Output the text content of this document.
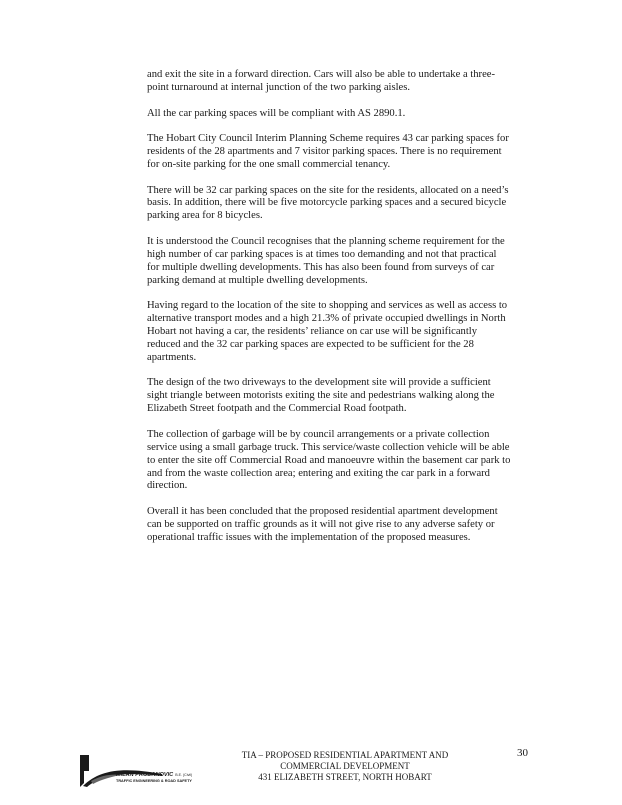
and exit the site in a forward direction. Cars will also be able to undertake a three-point turnaround at internal junction of the two parking aisles.

All the car parking spaces will be compliant with AS 2890.1.

The Hobart City Council Interim Planning Scheme requires 43 car parking spaces for residents of the 28 apartments and 7 visitor parking spaces. There is no requirement for on-site parking for the one small commercial tenancy.

There will be 32 car parking spaces on the site for the residents, allocated on a need’s basis. In addition, there will be five motorcycle parking spaces and a secured bicycle parking area for 8 bicycles.

It is understood the Council recognises that the planning scheme requirement for the high number of car parking spaces is at times too demanding and not that practical for multiple dwelling developments. This has also been found from surveys of car parking demand at multiple dwelling developments.

Having regard to the location of the site to shopping and services as well as access to alternative transport modes and a high 21.3% of private occupied dwellings in North Hobart not having a car, the residents’ reliance on car use will be significantly reduced and the 32 car parking spaces are expected to be sufficient for the 28 apartments.

The design of the two driveways to the development site will provide a sufficient sight triangle between motorists exiting the site and pedestrians walking along the Elizabeth Street footpath and the Commercial Road footpath.

The collection of garbage will be by council arrangements or a private collection service using a small garbage truck. This service/waste collection vehicle will be able to enter the site off Commercial Road and manoeuvre within the basement car park to and from the waste collection area; entering and exiting the car park in a forward direction.

Overall it has been concluded that the proposed residential apartment development can be supported on traffic grounds as it will not give rise to any adverse safety or operational traffic issues with the implementation of the proposed measures.

MILAN PRODANOVIC B.E. (Civil)
TRAFFIC ENGINEERING & ROAD SAFETY
TIA – PROPOSED RESIDENTIAL APARTMENT AND
COMMERCIAL DEVELOPMENT
431 ELIZABETH STREET, NORTH HOBART
30
